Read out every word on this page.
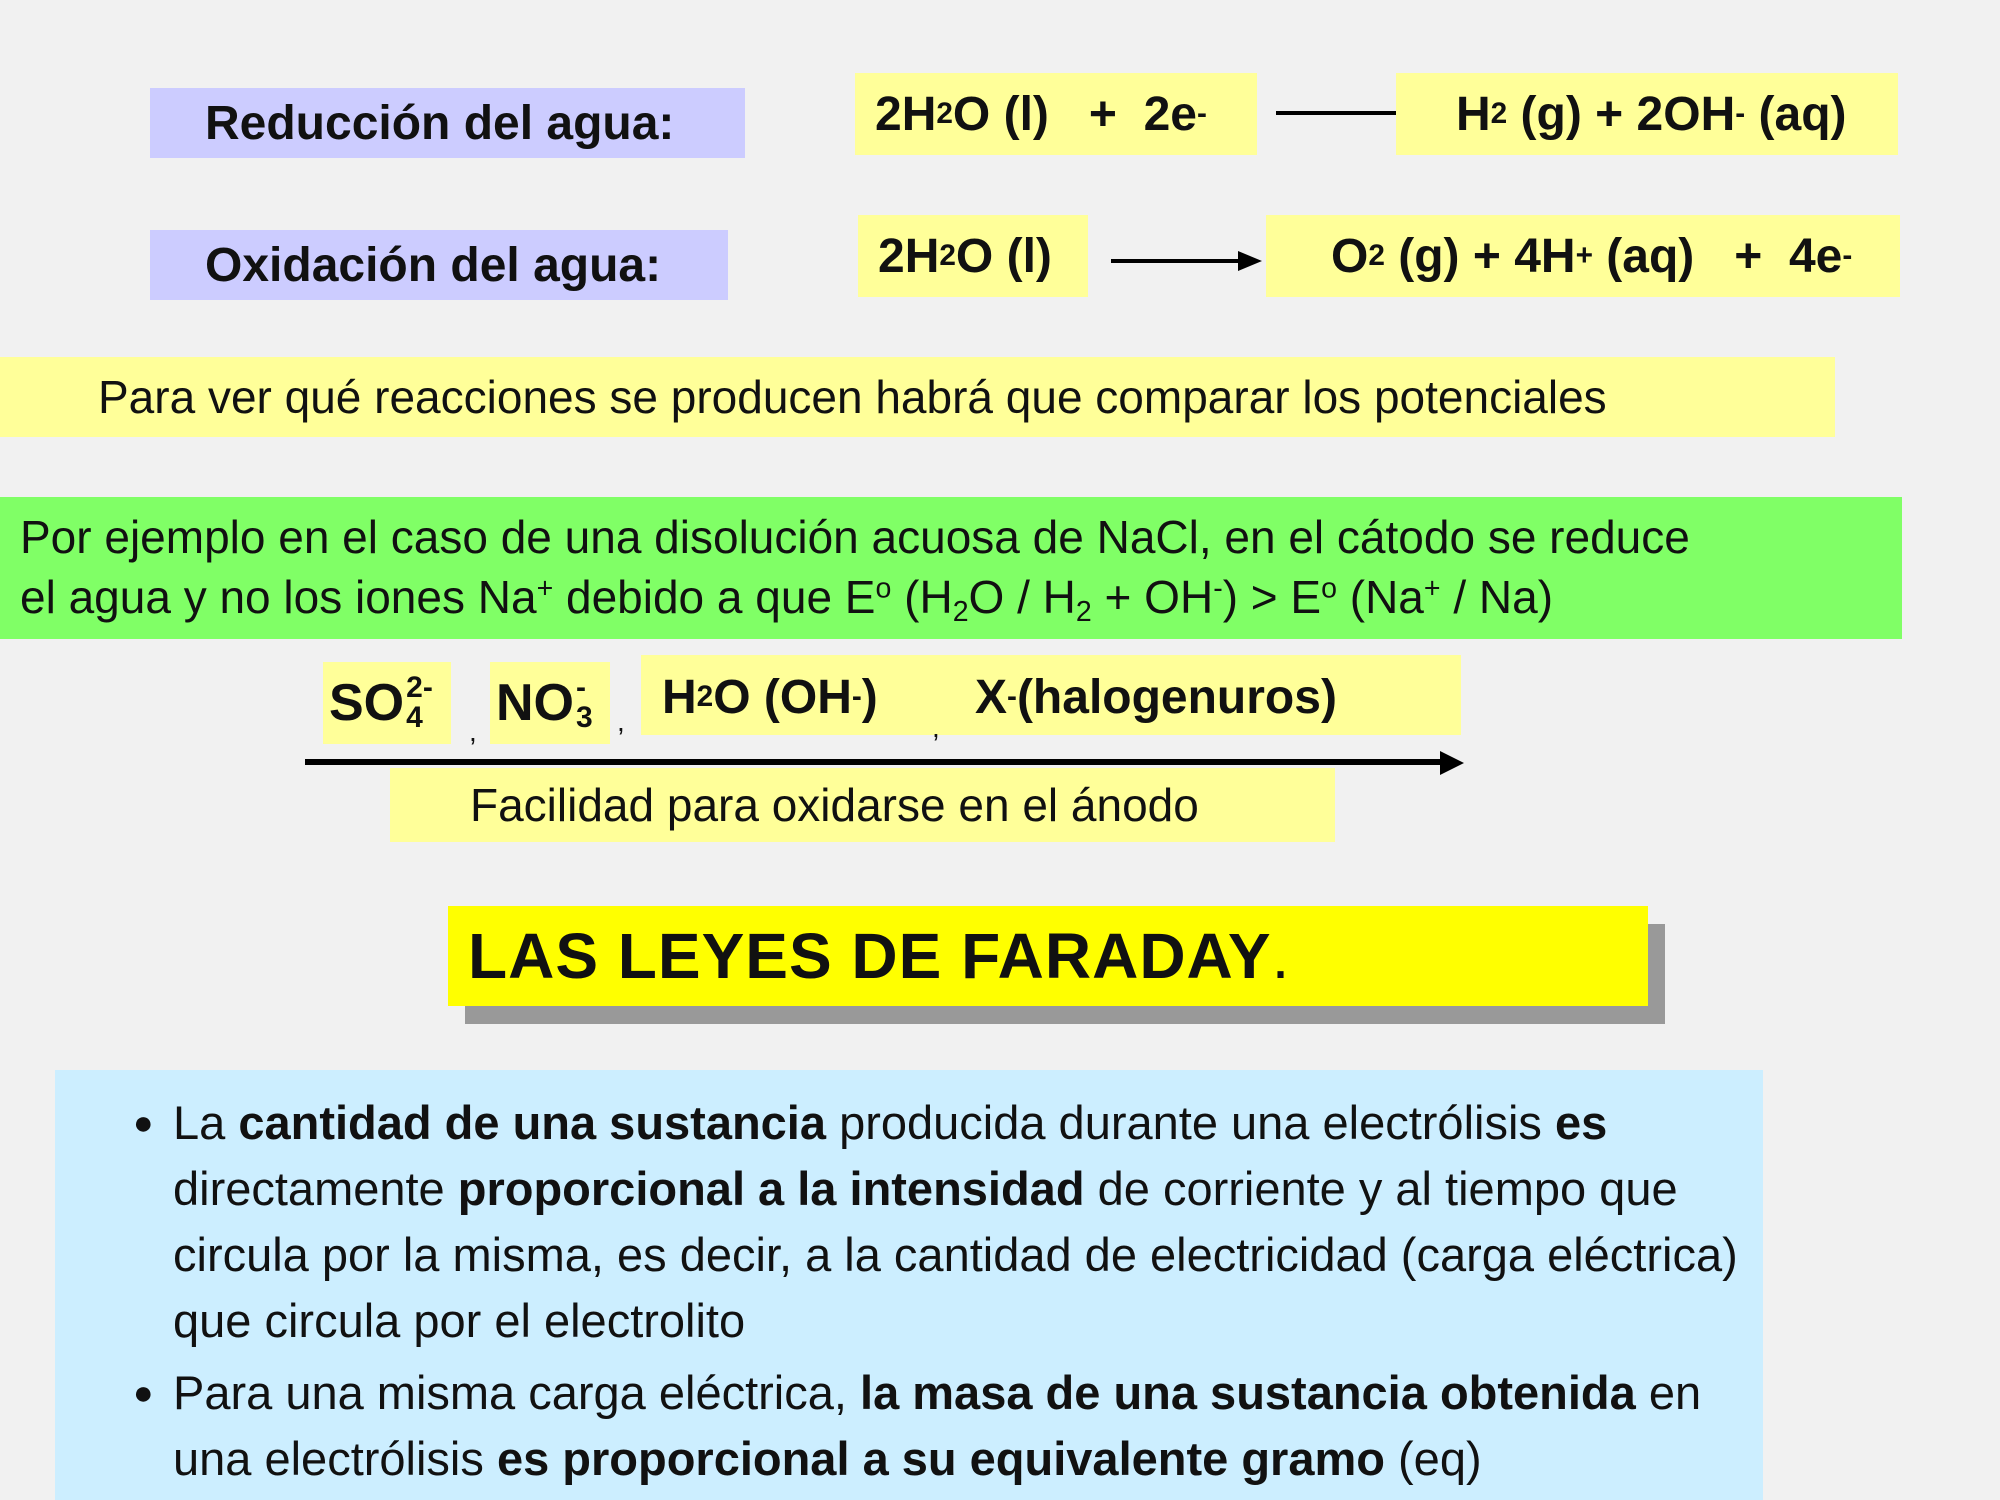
Reducción del agua:	2H 2 O (l)   +  2e -	H 2 (g) + 2OH - (aq)
Oxidación del agua:	2H 2 O (l)	O 2 (g) + 4H + (aq)   +  4e -
Para ver qué reacciones se producen habrá que comparar los potenciales
Por ejemplo en el caso de una disolución acuosa de NaCl, en el cátodo se reduce
el agua y no los iones Na+ debido a que $E^o$ $(H_2O / H_2 + OH^-) > E^o$ (Na+ / Na)
SO 2-
4	, NO -
3 , H 2 O (OH - )
,
X - (halogenuros)
Facilidad para oxidarse en el ánodo
LAS LEYES DE FARADAY .
● La cantidad de una sustancia producida durante una electrólisis es directamente proporcional a la intensidad de corriente y al tiempo que circula por la misma, es decir, a la cantidad de electricidad (carga eléctrica) que circula por el electrolito
● Para una misma carga eléctrica, la masa de una sustancia obtenida en una electrólisis es proporcional a su equivalente gramo (eq)
